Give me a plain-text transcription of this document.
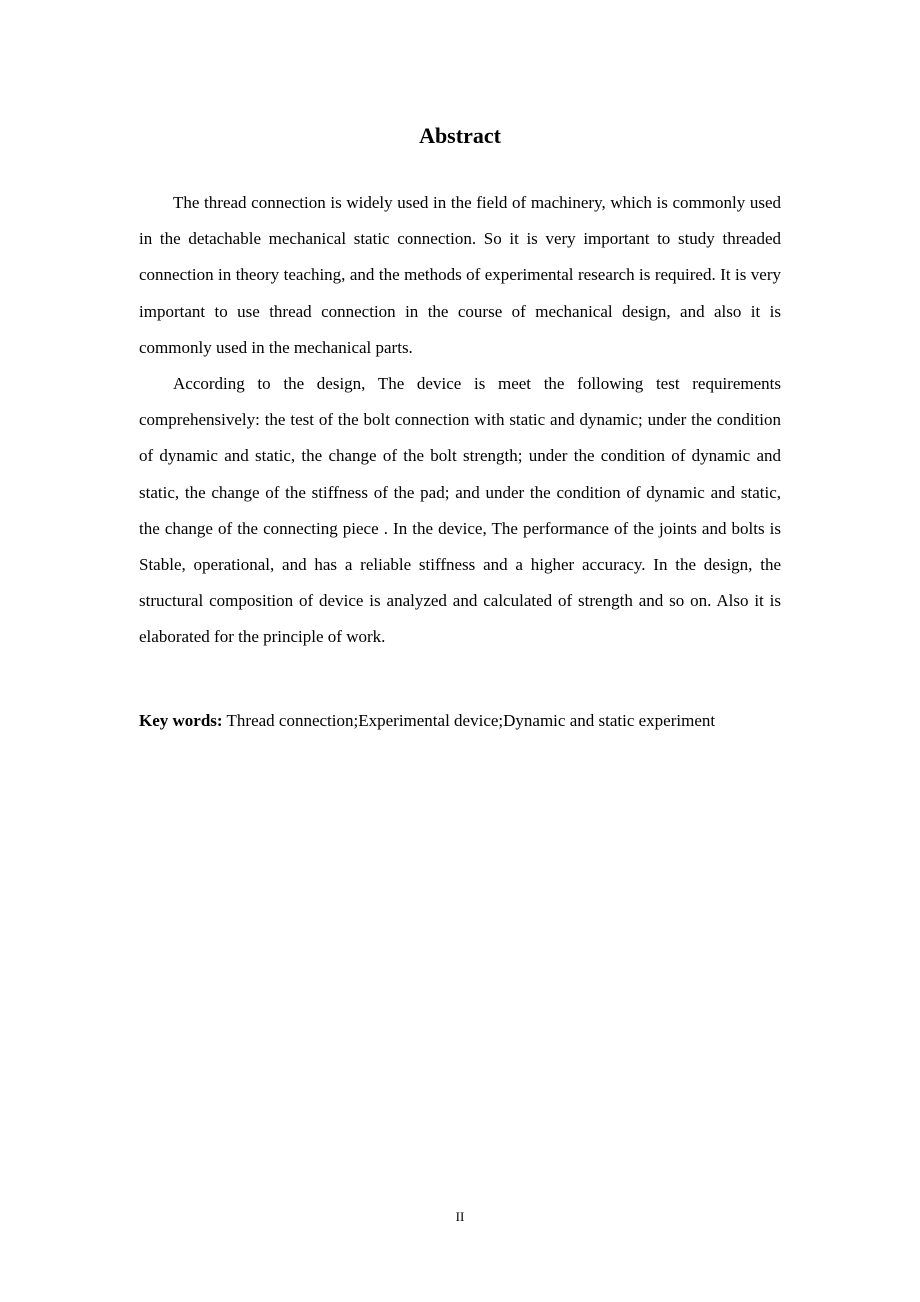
Abstract

The thread connection is widely used in the field of machinery, which is commonly used in the detachable mechanical static connection. So it is very important to study threaded connection in theory teaching, and the methods of experimental research is required. It is very important to use thread connection in the course of mechanical design, and also it is commonly used in the mechanical parts.

According to the design, The device is meet the following test requirements comprehensively: the test of the bolt connection with static and dynamic; under the condition of dynamic and static, the change of the bolt strength; under the condition of dynamic and static, the change of the stiffness of the pad; and under the condition of dynamic and static, the change of the connecting piece . In the device, The performance of the joints and bolts is Stable, operational, and has a reliable stiffness and a higher accuracy. In the design, the structural composition of device is analyzed and calculated of strength and so on. Also it is elaborated for the principle of work.

Key words: Thread connection;Experimental device;Dynamic and static experiment

II
